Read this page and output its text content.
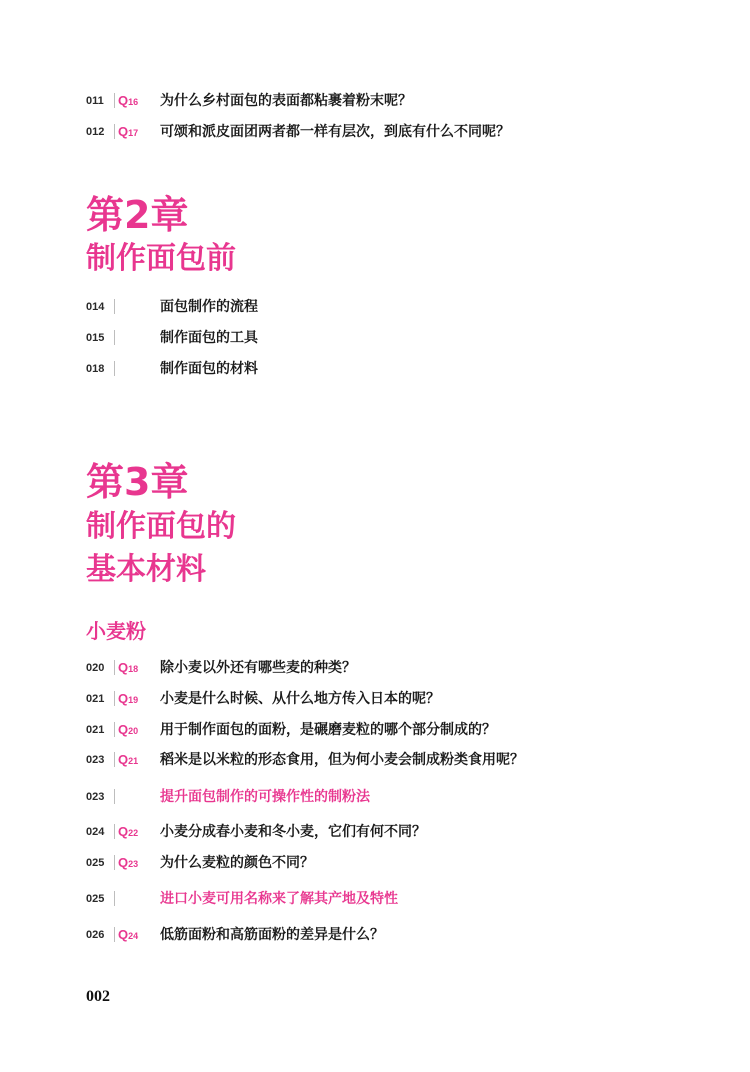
011 Q16 为什么乡村面包的表面都粘裹着粉末呢？
012 Q17 可颂和派皮面团两者都一样有层次，到底有什么不同呢？
第2章
制作面包前
014	面包制作的流程
015	制作面包的工具
018	制作面包的材料
第3章
制作面包的
基本材料
小麦粉
020 Q18 除小麦以外还有哪些麦的种类？
021 Q19 小麦是什么时候、从什么地方传入日本的呢？
021 Q20 用于制作面包的面粉，是碾磨麦粒的哪个部分制成的？
023 Q21 稻米是以米粒的形态食用，但为何小麦会制成粉类食用呢？
023	提升面包制作的可操作性的制粉法
024 Q22 小麦分成春小麦和冬小麦，它们有何不同？
025 Q23 为什么麦粒的颜色不同？
025	进口小麦可用名称来了解其产地及特性
026 Q24 低筋面粉和高筋面粉的差异是什么？
002
